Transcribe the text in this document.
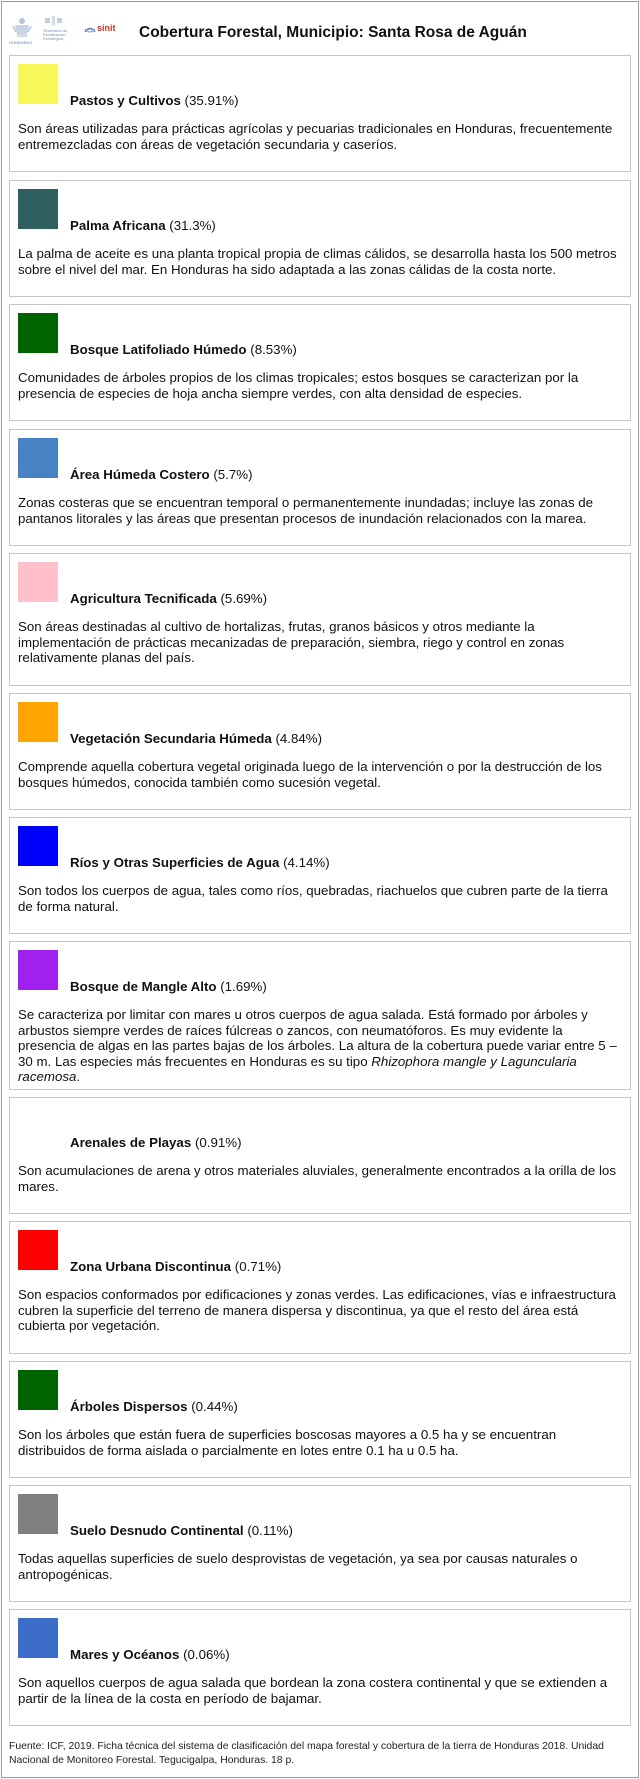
HONDURAS
Secretaría de Planificación Estratégica
sinit Cobertura Forestal, Municipio: Santa Rosa de Aguán
Pastos y Cultivos (35.91%)
Son áreas utilizadas para prácticas agrícolas y pecuarias tradicionales en Honduras, frecuentemente entremezcladas con áreas de vegetación secundaria y caseríos.
Palma Africana (31.3%)
La palma de aceite es una planta tropical propia de climas cálidos, se desarrolla hasta los 500 metros sobre el nivel del mar. En Honduras ha sido adaptada a las zonas cálidas de la costa norte.
Bosque Latifoliado Húmedo (8.53%)
Comunidades de árboles propios de los climas tropicales; estos bosques se caracterizan por la presencia de especies de hoja ancha siempre verdes, con alta densidad de especies.
Área Húmeda Costero (5.7%)
Zonas costeras que se encuentran temporal o permanentemente inundadas; incluye las zonas de pantanos litorales y las áreas que presentan procesos de inundación relacionados con la marea.
Agricultura Tecnificada (5.69%)
Son áreas destinadas al cultivo de hortalizas, frutas, granos básicos y otros mediante la implementación de prácticas mecanizadas de preparación, siembra, riego y control en zonas relativamente planas del país.
Vegetación Secundaria Húmeda (4.84%)
Comprende aquella cobertura vegetal originada luego de la intervención o por la destrucción de los bosques húmedos, conocida también como sucesión vegetal.
Ríos y Otras Superficies de Agua (4.14%)
Son todos los cuerpos de agua, tales como ríos, quebradas, riachuelos que cubren parte de la tierra de forma natural.
Bosque de Mangle Alto (1.69%)
Se caracteriza por limitar con mares u otros cuerpos de agua salada. Está formado por árboles y arbustos siempre verdes de raíces fúlcreas o zancos, con neumatóforos. Es muy evidente la presencia de algas en las partes bajas de los árboles. La altura de la cobertura puede variar entre 5 – 30 m. Las especies más frecuentes en Honduras es su tipo Rhizophora mangle y Laguncularia racemosa.
Arenales de Playas (0.91%)
Son acumulaciones de arena y otros materiales aluviales, generalmente encontrados a la orilla de los mares.
Zona Urbana Discontinua (0.71%)
Son espacios conformados por edificaciones y zonas verdes. Las edificaciones, vías e infraestructura cubren la superficie del terreno de manera dispersa y discontinua, ya que el resto del área está cubierta por vegetación.
Árboles Dispersos (0.44%)
Son los árboles que están fuera de superficies boscosas mayores a 0.5 ha y se encuentran distribuidos de forma aislada o parcialmente en lotes entre 0.1 ha u 0.5 ha.
Suelo Desnudo Continental (0.11%)
Todas aquellas superficies de suelo desprovistas de vegetación, ya sea por causas naturales o antropogénicas.
Mares y Océanos (0.06%)
Son aquellos cuerpos de agua salada que bordean la zona costera continental y que se extienden a partir de la línea de la costa en período de bajamar.
Fuente: ICF, 2019. Ficha técnica del sistema de clasificación del mapa forestal y cobertura de la tierra de Honduras 2018. Unidad Nacional de Monitoreo Forestal. Tegucigalpa, Honduras. 18 p.
